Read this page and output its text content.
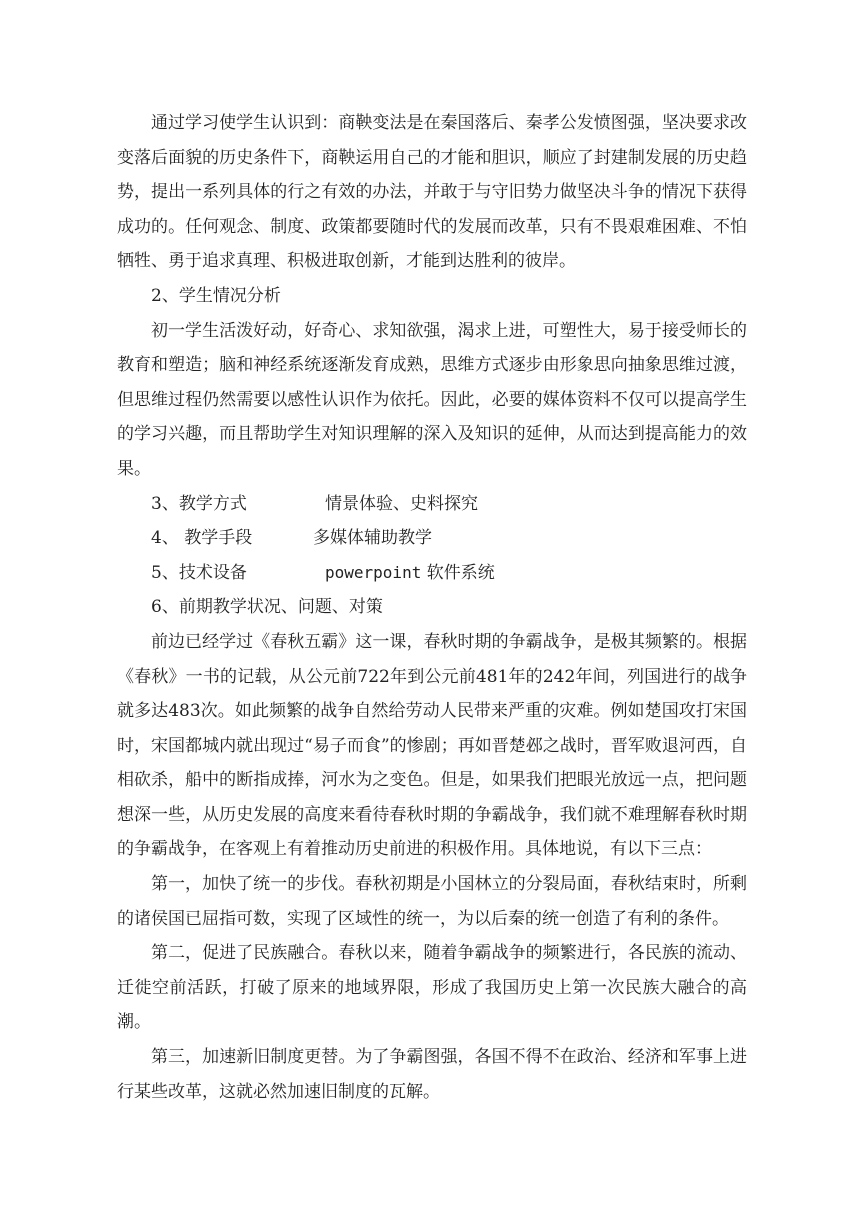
通过学习使学生认识到：商鞅变法是在秦国落后、秦孝公发愤图强，坚决要求改变落后面貌的历史条件下，商鞅运用自己的才能和胆识，顺应了封建制发展的历史趋势，提出一系列具体的行之有效的办法，并敢于与守旧势力做坚决斗争的情况下获得成功的。任何观念、制度、政策都要随时代的发展而改革，只有不畏艰难困难、不怕牺牲、勇于追求真理、积极进取创新，才能到达胜利的彼岸。

2、学生情况分析

初一学生活泼好动，好奇心、求知欲强，渴求上进，可塑性大，易于接受师长的教育和塑造；脑和神经系统逐渐发育成熟，思维方式逐步由形象思向抽象思维过渡，但思维过程仍然需要以感性认识作为依托。因此，必要的媒体资料不仅可以提高学生的学习兴趣，而且帮助学生对知识理解的深入及知识的延伸，从而达到提高能力的效果。

3、教学方式	情景体验、史料探究
4、 教学手段	多媒体辅助教学
5、技术设备	powerpoint 软件系统

6、前期教学状况、问题、对策

前边已经学过《春秋五霸》这一课，春秋时期的争霸战争，是极其频繁的。根据《春秋》一书的记载，从公元前722年到公元前481年的242年间，列国进行的战争就多达483次。如此频繁的战争自然给劳动人民带来严重的灾难。例如楚国攻打宋国时，宋国都城内就出现过“易子而食”的惨剧；再如晋楚邲之战时，晋军败退河西，自相砍杀，船中的断指成捧，河水为之变色。但是，如果我们把眼光放远一点，把问题想深一些，从历史发展的高度来看待春秋时期的争霸战争，我们就不难理解春秋时期的争霸战争，在客观上有着推动历史前进的积极作用。具体地说，有以下三点：

第一，加快了统一的步伐。春秋初期是小国林立的分裂局面，春秋结束时，所剩的诸侯国已屈指可数，实现了区域性的统一，为以后秦的统一创造了有利的条件。

第二，促进了民族融合。春秋以来，随着争霸战争的频繁进行，各民族的流动、迁徙空前活跃，打破了原来的地域界限，形成了我国历史上第一次民族大融合的高潮。

第三，加速新旧制度更替。为了争霸图强，各国不得不在政治、经济和军事上进行某些改革，这就必然加速旧制度的瓦解。
